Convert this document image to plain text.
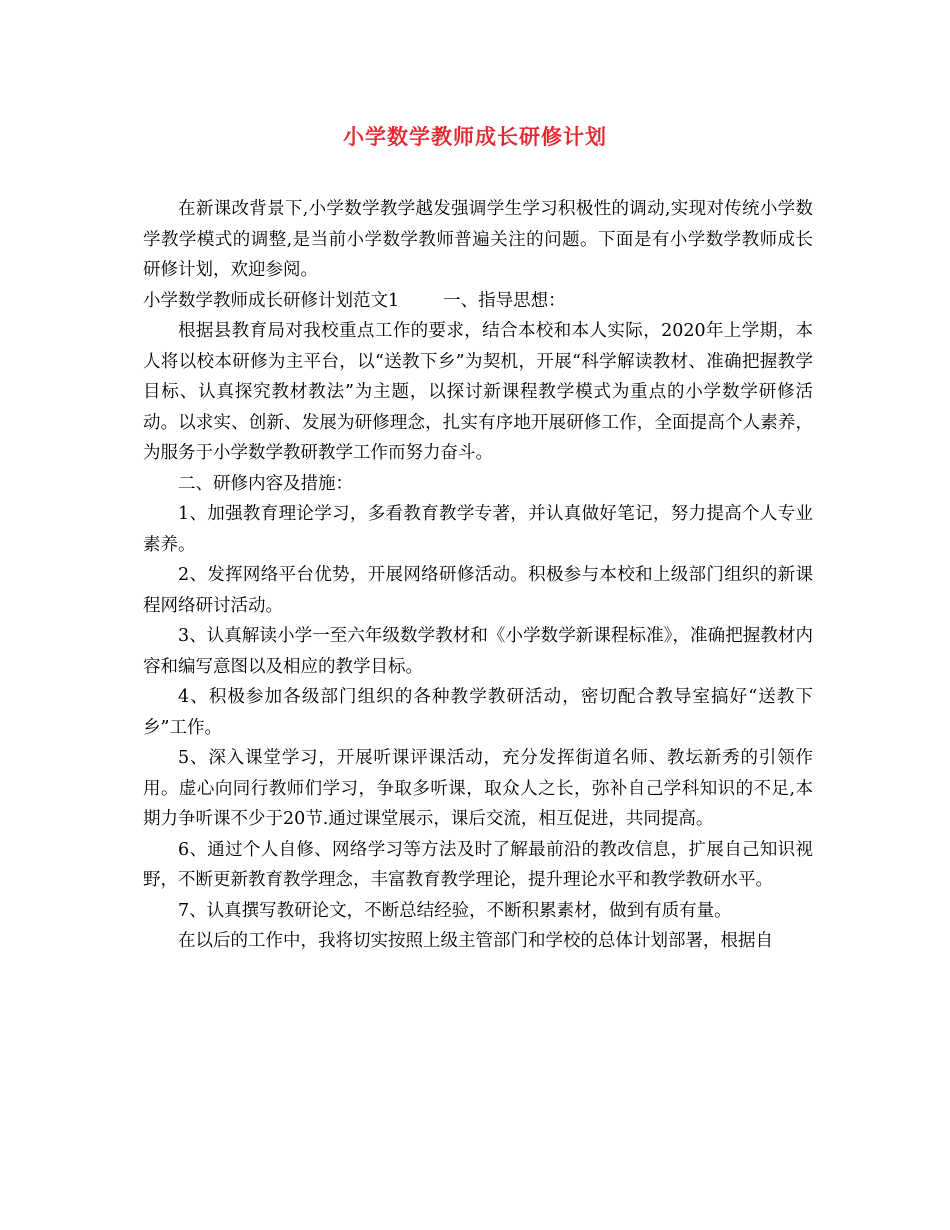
小学数学教师成长研修计划

在新课改背景下,小学数学教学越发强调学生学习积极性的调动,实现对传统小学数学教学模式的调整,是当前小学数学教师普遍关注的问题。下面是有小学数学教师成长研修计划，欢迎参阅。

小学数学教师成长研修计划范文1	一、指导思想：

根据县教育局对我校重点工作的要求，结合本校和本人实际，2020年上学期，本人将以校本研修为主平台，以“送教下乡”为契机，开展“科学解读教材、准确把握教学目标、认真探究教材教法”为主题，以探讨新课程教学模式为重点的小学数学研修活动。以求实、创新、发展为研修理念，扎实有序地开展研修工作，全面提高个人素养，为服务于小学数学教研教学工作而努力奋斗。

二、研修内容及措施：

1、加强教育理论学习，多看教育教学专著，并认真做好笔记，努力提高个人专业素养。

2、发挥网络平台优势，开展网络研修活动。积极参与本校和上级部门组织的新课程网络研讨活动。

3、认真解读小学一至六年级数学教材和《小学数学新课程标准》，准确把握教材内容和编写意图以及相应的教学目标。

4、积极参加各级部门组织的各种教学教研活动，密切配合教导室搞好“送教下乡”工作。

5、深入课堂学习，开展听课评课活动，充分发挥街道名师、教坛新秀的引领作用。虚心向同行教师们学习，争取多听课，取众人之长，弥补自己学科知识的不足,本期力争听课不少于20节.通过课堂展示，课后交流，相互促进，共同提高。

6、通过个人自修、网络学习等方法及时了解最前沿的教改信息，扩展自己知识视野，不断更新教育教学理念，丰富教育教学理论，提升理论水平和教学教研水平。

7、认真撰写教研论文，不断总结经验，不断积累素材，做到有质有量。

在以后的工作中，我将切实按照上级主管部门和学校的总体计划部署，根据自
